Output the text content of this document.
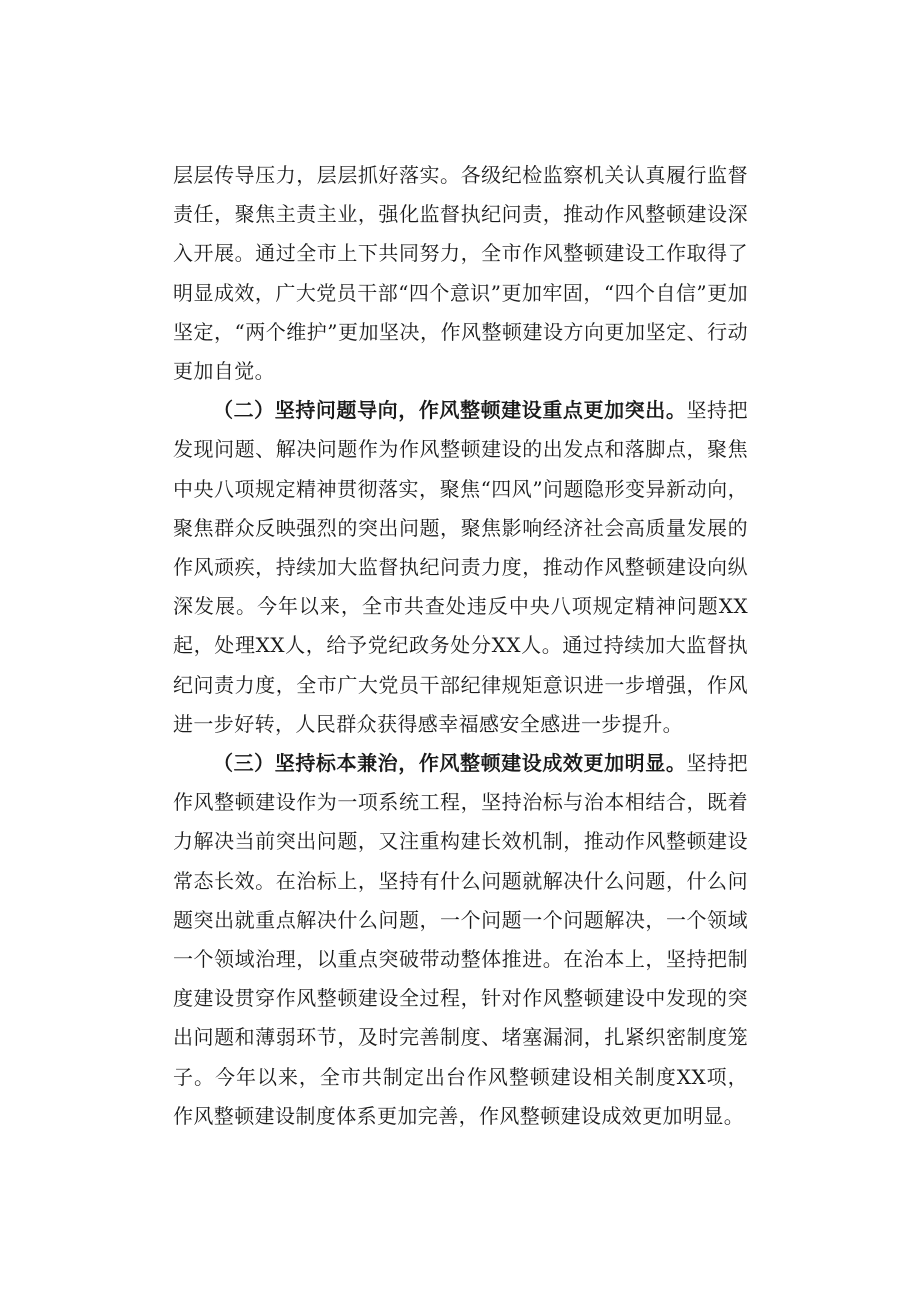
层层传导压力，层层抓好落实。各级纪检监察机关认真履行监督责任，聚焦主责主业，强化监督执纪问责，推动作风整顿建设深入开展。通过全市上下共同努力，全市作风整顿建设工作取得了明显成效，广大党员干部“四个意识”更加牢固，“四个自信”更加坚定，“两个维护”更加坚决，作风整顿建设方向更加坚定、行动更加自觉。

（二）坚持问题导向，作风整顿建设重点更加突出。坚持把发现问题、解决问题作为作风整顿建设的出发点和落脚点，聚焦中央八项规定精神贯彻落实，聚焦“四风”问题隐形变异新动向，聚焦群众反映强烈的突出问题，聚焦影响经济社会高质量发展的作风顽疾，持续加大监督执纪问责力度，推动作风整顿建设向纵深发展。今年以来，全市共查处违反中央八项规定精神问题XX起，处理XX人，给予党纪政务处分XX人。通过持续加大监督执纪问责力度，全市广大党员干部纪律规矩意识进一步增强，作风进一步好转，人民群众获得感幸福感安全感进一步提升。

（三）坚持标本兼治，作风整顿建设成效更加明显。坚持把作风整顿建设作为一项系统工程，坚持治标与治本相结合，既着力解决当前突出问题，又注重构建长效机制，推动作风整顿建设常态长效。在治标上，坚持有什么问题就解决什么问题，什么问题突出就重点解决什么问题，一个问题一个问题解决，一个领域一个领域治理，以重点突破带动整体推进。在治本上，坚持把制度建设贯穿作风整顿建设全过程，针对作风整顿建设中发现的突出问题和薄弱环节，及时完善制度、堵塞漏洞，扎紧织密制度笼子。今年以来，全市共制定出台作风整顿建设相关制度XX项，作风整顿建设制度体系更加完善，作风整顿建设成效更加明显。
